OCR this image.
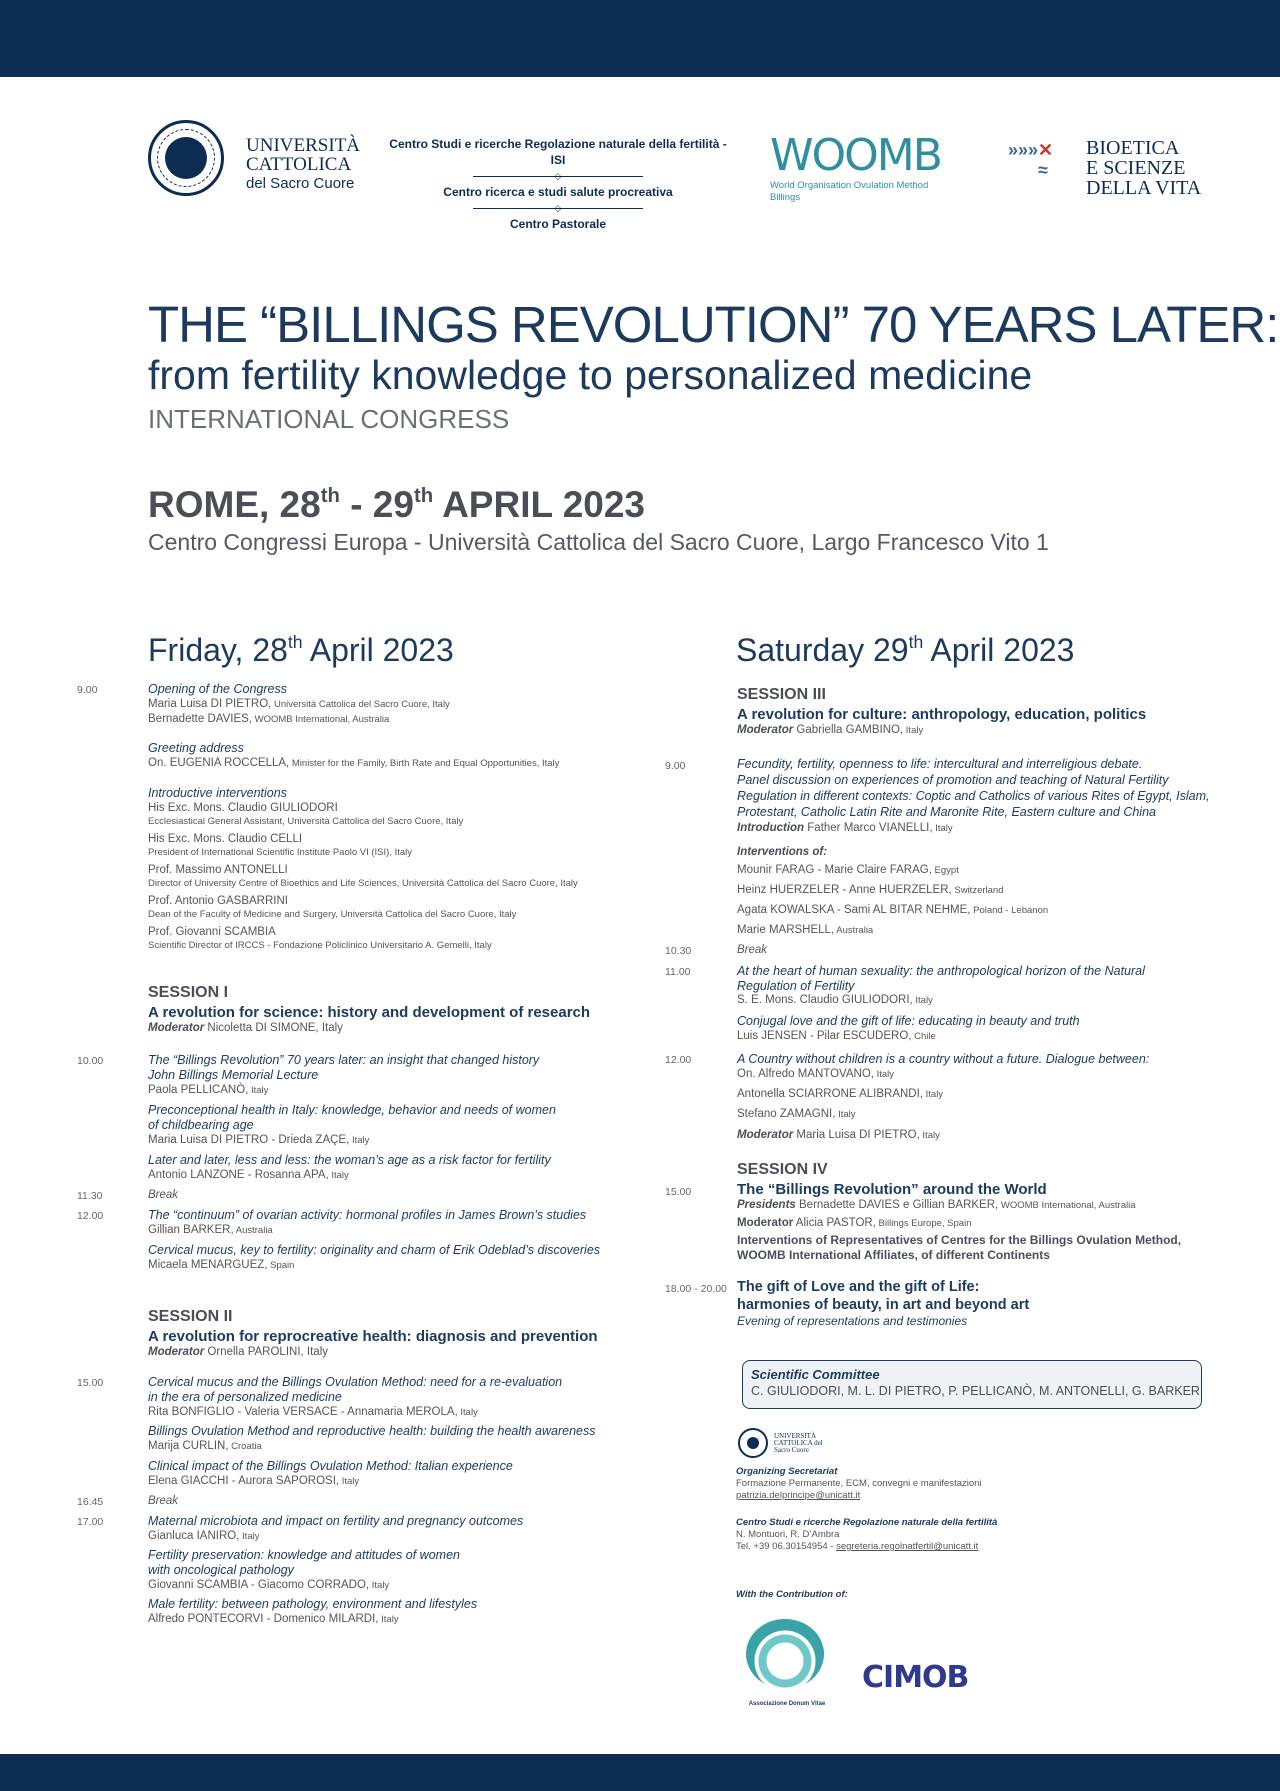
UNIVERSITÀ
CATTOLICA
del Sacro Cuore
Centro Studi e ricerche Regolazione naturale della fertilità - ISI
◇
Centro ricerca e studi salute procreativa
◇
Centro Pastorale
WOOMB
World Organisation Ovulation Method Billings
»»»✕
≈
BIOETICA
E SCIENZE
DELLA VITA
THE “BILLINGS REVOLUTION” 70 YEARS LATER:
from fertility knowledge to personalized medicine
INTERNATIONAL CONGRESS
ROME, 28th - 29th APRIL 2023
Centro Congressi Europa - Università Cattolica del Sacro Cuore, Largo Francesco Vito 1
Friday, 28th April 2023
9.00	Opening of the Congress
Maria Luisa DI PIETRO, Università Cattolica del Sacro Cuore, Italy
Bernadette DAVIES, WOOMB International, Australia
Greeting address
On. EUGENIA ROCCELLA, Minister for the Family, Birth Rate and Equal Opportunities, Italy
Introductive interventions
His Exc. Mons. Claudio GIULIODORI
Ecclesiastical General Assistant, Università Cattolica del Sacro Cuore, Italy
His Exc. Mons. Claudio CELLI
President of International Scientific Institute Paolo VI (ISI), Italy
Prof. Massimo ANTONELLI
Director of University Centre of Bioethics and Life Sciences, Università Cattolica del Sacro Cuore, Italy
Prof. Antonio GASBARRINI
Dean of the Faculty of Medicine and Surgery, Università Cattolica del Sacro Cuore, Italy
Prof. Giovanni SCAMBIA
Scientific Director of IRCCS - Fondazione Policlinico Universitario A. Gemelli, Italy
SESSION I
A revolution for science: history and development of research
Moderator Nicoletta DI SIMONE, Italy
10.00	The “Billings Revolution” 70 years later: an insight that changed history
John Billings Memorial Lecture
Paola PELLICANÒ, Italy
Preconceptional health in Italy: knowledge, behavior and needs of women
of childbearing age
Maria Luisa DI PIETRO - Drieda ZAÇE, Italy
Later and later, less and less: the woman’s age as a risk factor for fertility
Antonio LANZONE - Rosanna APA, Italy
11.30	Break
12.00	The “continuum” of ovarian activity: hormonal profiles in James Brown’s studies
Gillian BARKER, Australia
Cervical mucus, key to fertility: originality and charm of Erik Odeblad’s discoveries
Micaela MENARGUEZ, Spain
SESSION II
A revolution for reprocreative health: diagnosis and prevention
Moderator Ornella PAROLINI, Italy
15.00	Cervical mucus and the Billings Ovulation Method: need for a re-evaluation
in the era of personalized medicine
Rita BONFIGLIO - Valeria VERSACE - Annamaria MEROLA, Italy
Billings Ovulation Method and reproductive health: building the health awareness
Marija CURLIN, Croatia
Clinical impact of the Billings Ovulation Method: Italian experience
Elena GIACCHI - Aurora SAPOROSI, Italy
16.45	Break
17.00	Maternal microbiota and impact on fertility and pregnancy outcomes
Gianluca IANIRO, Italy
Fertility preservation: knowledge and attitudes of women
with oncological pathology
Giovanni SCAMBIA - Giacomo CORRADO, Italy
Male fertility: between pathology, environment and lifestyles
Alfredo PONTECORVI - Domenico MILARDI, Italy
Saturday 29th April 2023
SESSION III
A revolution for culture: anthropology, education, politics
Moderator Gabriella GAMBINO, Italy
9.00	Fecundity, fertility, openness to life: intercultural and interreligious debate.
Panel discussion on experiences of promotion and teaching of Natural Fertility
Regulation in different contexts: Coptic and Catholics of various Rites of Egypt, Islam,
Protestant, Catholic Latin Rite and Maronite Rite, Eastern culture and China
Introduction Father Marco VIANELLI, Italy
Interventions of:
Mounir FARAG - Marie Claire FARAG, Egypt
Heinz HUERZELER - Anne HUERZELER, Switzerland
Agata KOWALSKA - Sami AL BITAR NEHME, Poland - Lebanon
Marie MARSHELL, Australia
10.30	Break
11.00	At the heart of human sexuality: the anthropological horizon of the Natural
Regulation of Fertility
S. E. Mons. Claudio GIULIODORI, Italy
Conjugal love and the gift of life: educating in beauty and truth
Luis JENSEN - Pilar ESCUDERO, Chile
12.00	A Country without children is a country without a future. Dialogue between:
On. Alfredo MANTOVANO, Italy
Antonella SCIARRONE ALIBRANDI, Italy
Stefano ZAMAGNI, Italy
Moderator Maria Luisa DI PIETRO, Italy
SESSION IV
15.00	The “Billings Revolution” around the World
Presidents Bernadette DAVIES e Gillian BARKER, WOOMB International, Australia
Moderator Alicia PASTOR, Billings Europe, Spain
Interventions of Representatives of Centres for the Billings Ovulation Method,
WOOMB International Affiliates, of different Continents
18.00 - 20.00 The gift of Love and the gift of Life:
harmonies of beauty, in art and beyond art
Evening of representations and testimonies
Scientific Committee
C. GIULIODORI, M. L. DI PIETRO, P. PELLICANÒ, M. ANTONELLI, G. BARKER
UNIVERSITÀ CATTOLICA del Sacro Cuore
Organizing Secretariat
Formazione Permanente, ECM, convegni e manifestazioni
patrizia.delprincipe@unicatt.it
Centro Studi e ricerche Regolazione naturale della fertilità
N. Montuori, R. D’Ambra
Tel. +39 06.30154954 - segreteria.regolnatfertil@unicatt.it
With the Contribution of:
Associazione Donum Vitae
CIMOB
